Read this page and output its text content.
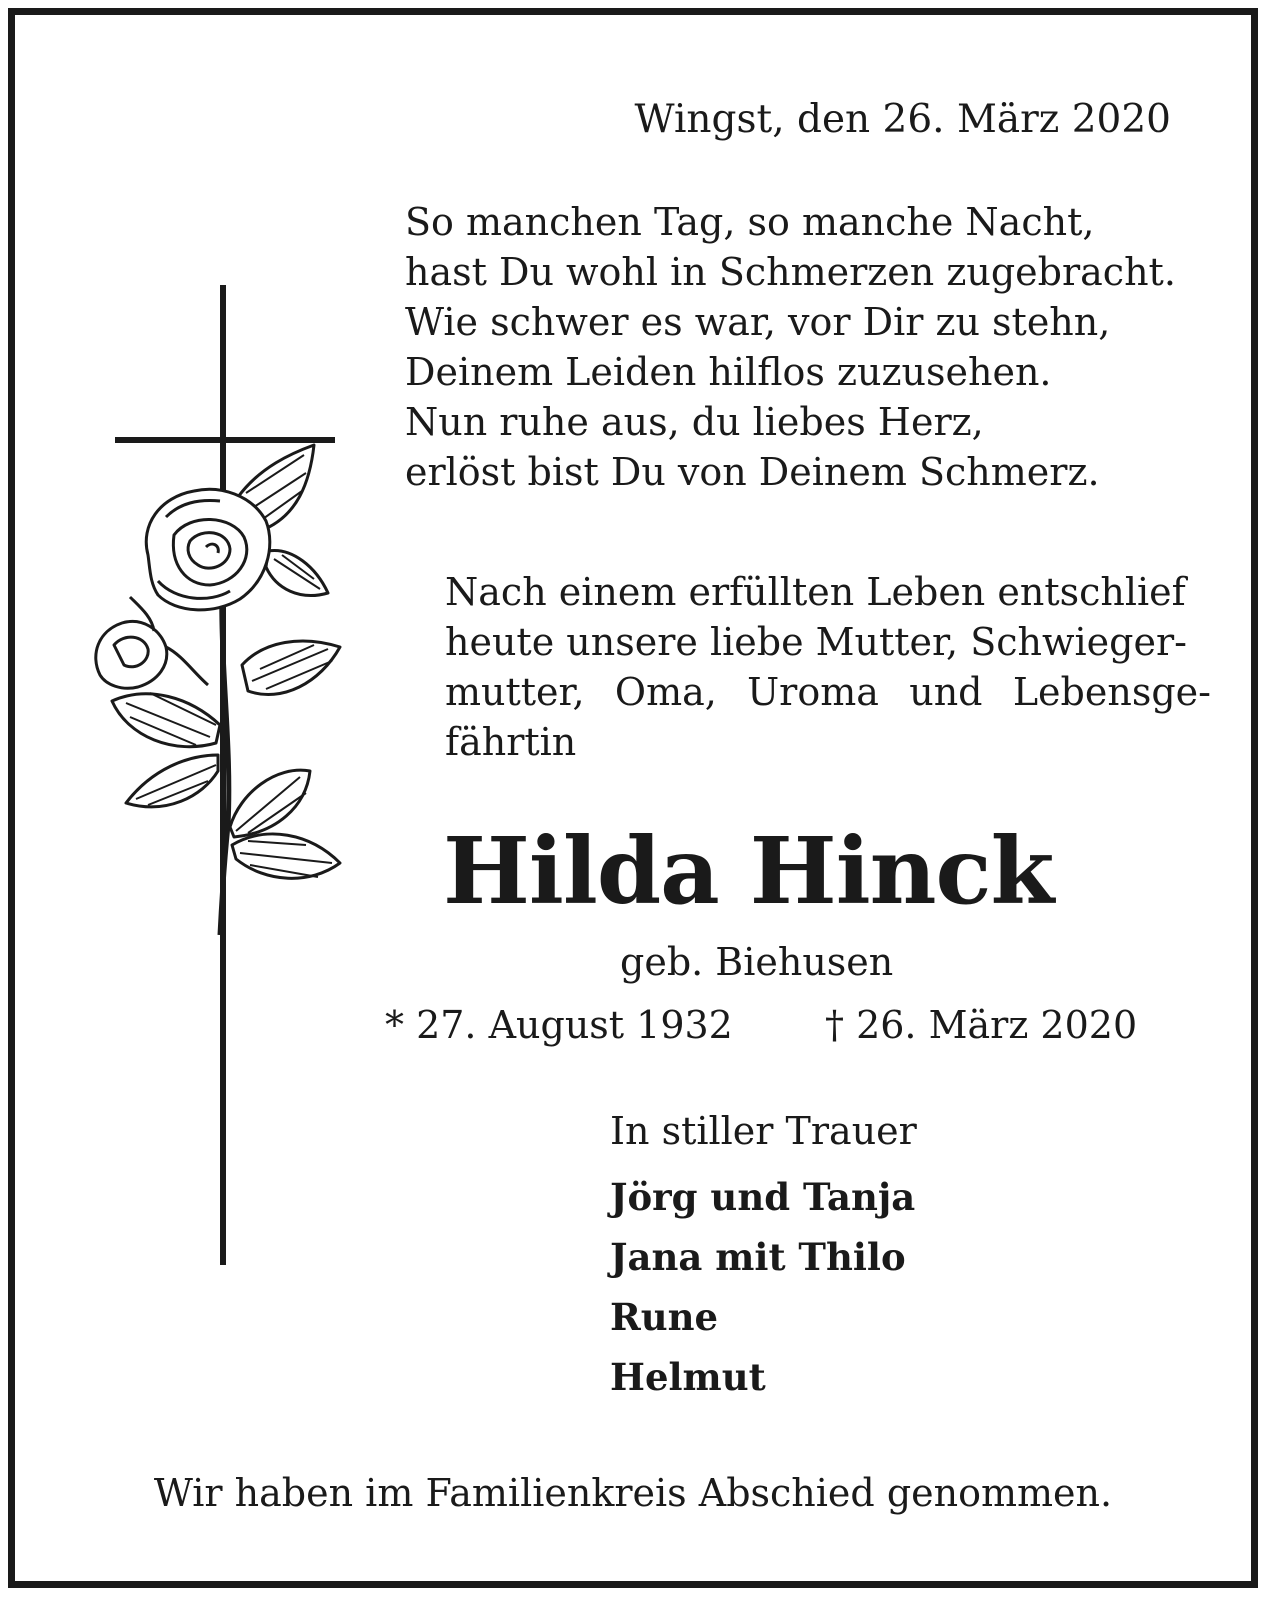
Wingst, den 26. März 2020

So manchen Tag, so manche Nacht,
hast Du wohl in Schmerzen zugebracht.
Wie schwer es war, vor Dir zu stehn,
Deinem Leiden hilflos zuzusehen.
Nun ruhe aus, du liebes Herz,
erlöst bist Du von Deinem Schmerz.
Nach einem erfüllten Leben entschlief
heute unsere liebe Mutter, Schwieger-
mutter, Oma, Uroma und Lebensge-
fährtin

Hilda Hinck

geb. Biehusen

* 27. August 1932 † 26. März 2020

In stiller Trauer

Jörg und Tanja
Jana mit Thilo
Rune
Helmut

Wir haben im Familienkreis Abschied genommen.
